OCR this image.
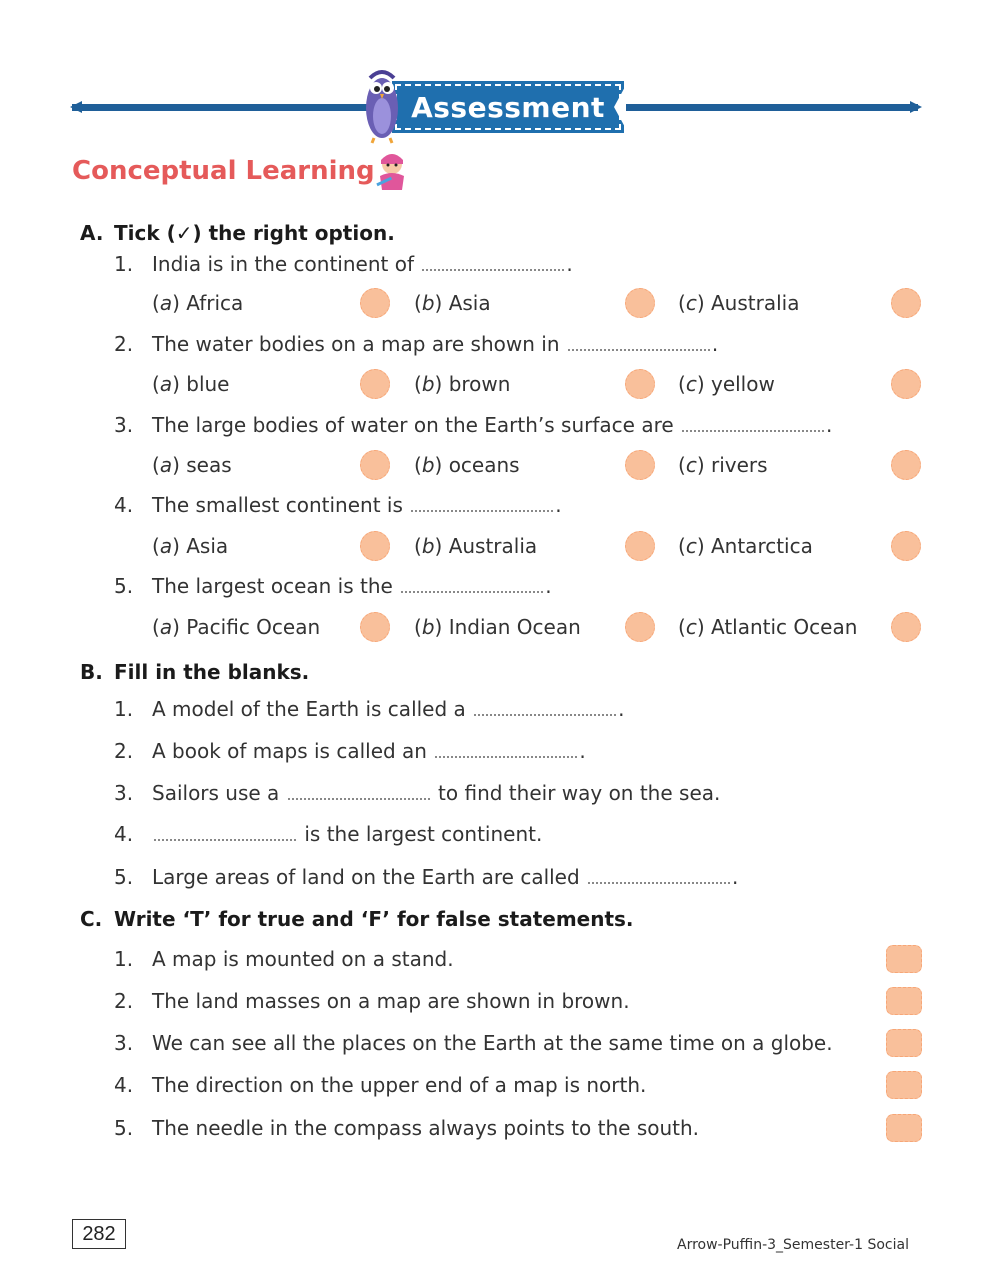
Assessment
Conceptual Learning
A. Tick (✓) the right option.
1. India is in the continent of	.
(a) Africa	(b) Asia	(c) Australia
2. The water bodies on a map are shown in	.
(a) blue	(b) brown	(c) yellow
3. The large bodies of water on the Earth’s surface are	.
(a) seas	(b) oceans	(c) rivers
4. The smallest continent is	.
(a) Asia	(b) Australia	(c) Antarctica
5. The largest ocean is the	.
(a) Pacific Ocean	(b) Indian Ocean	(c) Atlantic Ocean
B. Fill in the blanks.
1. A model of the Earth is called a	.
2. A book of maps is called an	.
3. Sailors use a	to find their way on the sea.
4.	is the largest continent.
5. Large areas of land on the Earth are called	.
C. Write ‘T’ for true and ‘F’ for false statements.
1. A map is mounted on a stand.
2. The land masses on a map are shown in brown.
3. We can see all the places on the Earth at the same time on a globe.
4. The direction on the upper end of a map is north.
5. The needle in the compass always points to the south.
282	Arrow-Puffin-3_Semester-1 Social
